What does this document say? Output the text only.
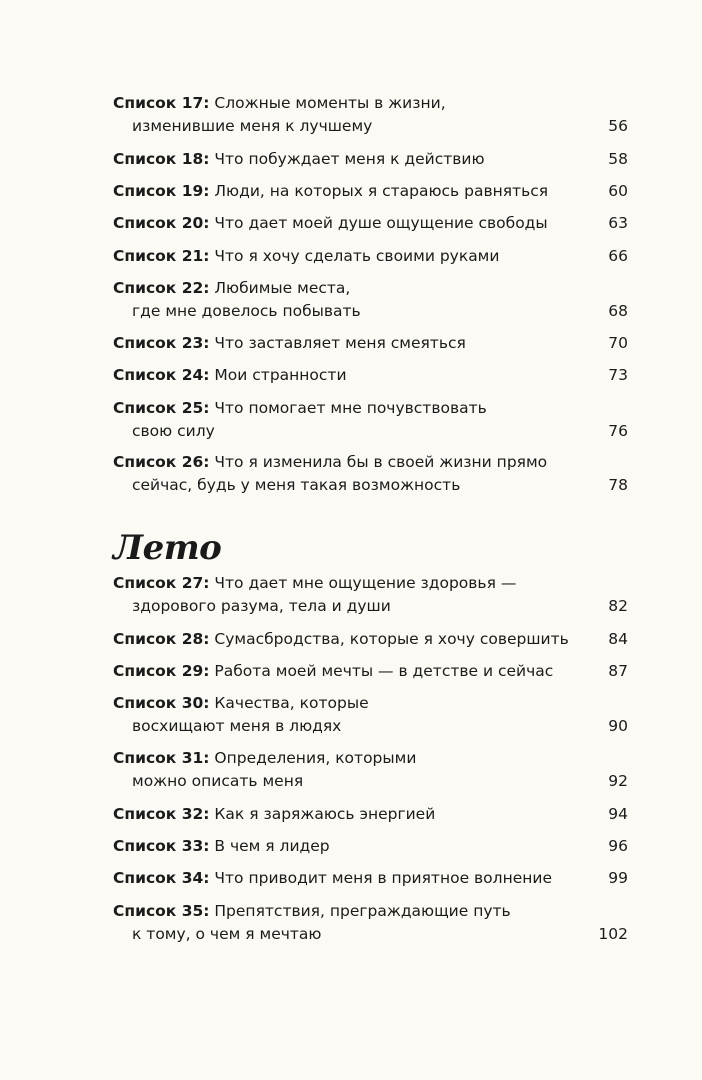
Список 17: Сложные моменты в жизни,
изменившие меня к лучшему	56
Список 18: Что побуждает меня к действию	58
Список 19: Люди, на которых я стараюсь равняться	60
Список 20: Что дает моей душе ощущение свободы	63
Список 21: Что я хочу сделать своими руками	66
Список 22: Любимые места,
где мне довелось побывать	68
Список 23: Что заставляет меня смеяться	70
Список 24: Мои странности	73
Список 25: Что помогает мне почувствовать
свою силу	76
Список 26: Что я изменила бы в своей жизни прямо
сейчас, будь у меня такая возможность	78
Лето
Список 27: Что дает мне ощущение здоровья —
здорового разума, тела и души	82
Список 28: Сумасбродства, которые я хочу совершить	84
Список 29: Работа моей мечты — в детстве и сейчас	87
Список 30: Качества, которые
восхищают меня в людях	90
Список 31: Определения, которыми
можно описать меня	92
Список 32: Как я заряжаюсь энергией	94
Список 33: В чем я лидер	96
Список 34: Что приводит меня в приятное волнение	99
Список 35: Препятствия, преграждающие путь
к тому, о чем я мечтаю	102
